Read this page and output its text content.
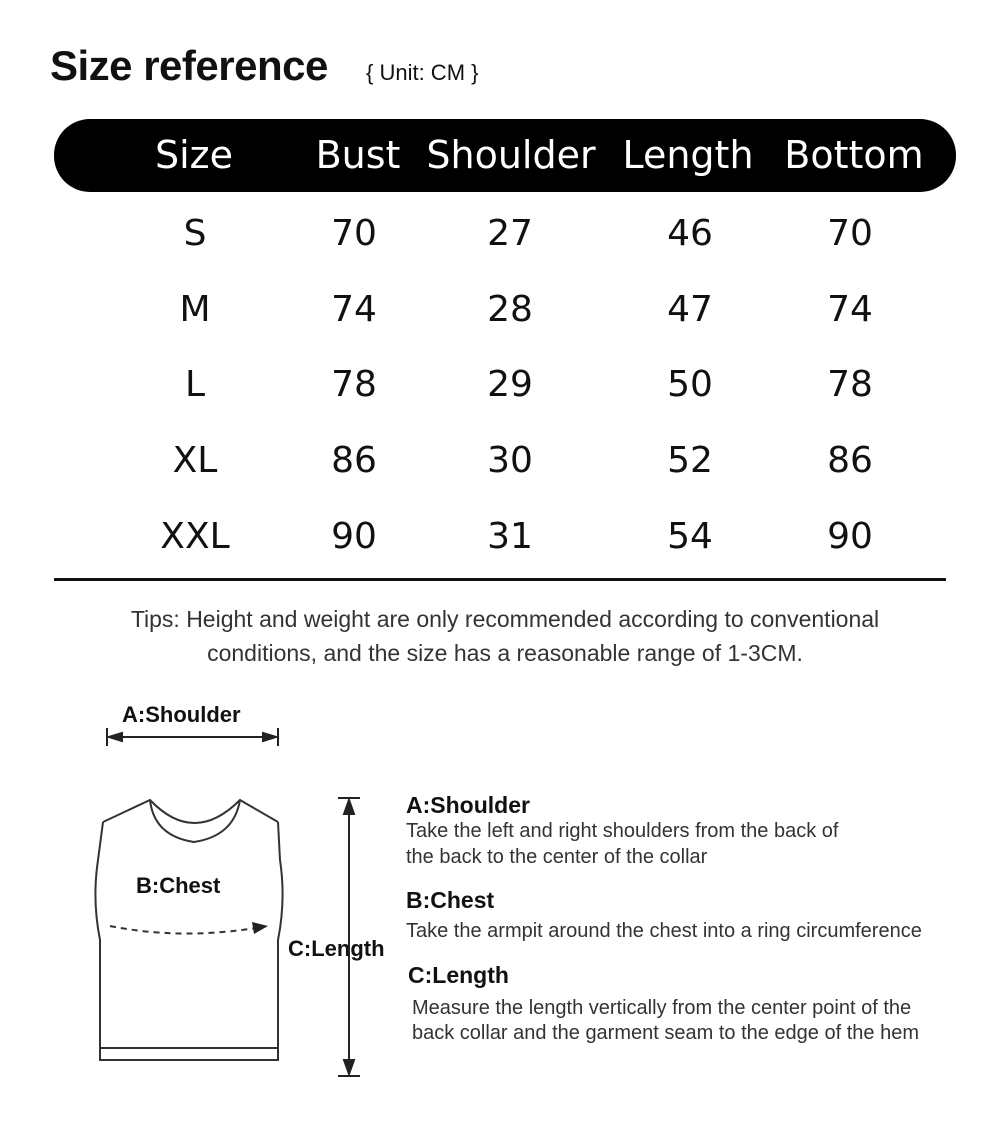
Size reference { Unit: CM }
Size Bust Shoulder Length Bottom
S	70	27	46	70
M	74	28	47	74
L	78	29	50	78
XL	86	30	52	86
XXL	90	31	54	90
Tips: Height and weight are only recommended according to conventional
conditions, and the size has a reasonable range of 1-3CM.
A:Shoulder
B:Chest
C:Length
A:Shoulder
Take the left and right shoulders from the back of
the back to the center of the collar
B:Chest
Take the armpit around the chest into a ring circumference
C:Length
Measure the length vertically from the center point of the
back collar and the garment seam to the edge of the hem
